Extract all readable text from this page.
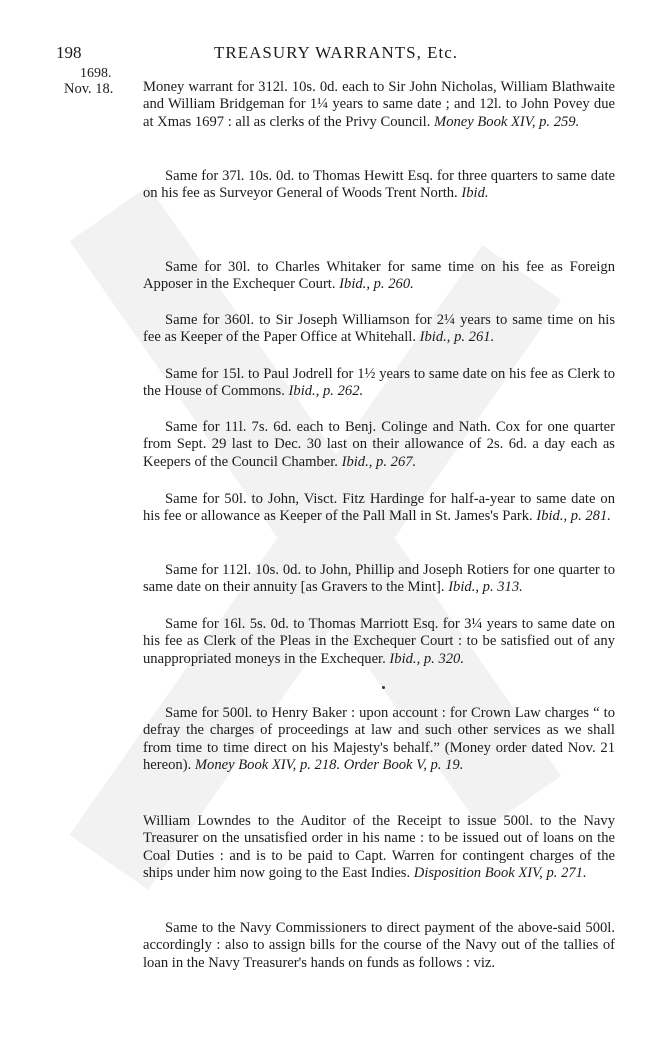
198	TREASURY WARRANTS, Etc.
1698.
Nov. 18. Money warrant for 312l. 10s. 0d. each to Sir John Nicholas, William Blathwaite and William Bridgeman for 1¼ years to same date ; and 12l. to John Povey due at Xmas 1697 : all as clerks of the Privy Council. Money Book XIV, p. 259.

Same for 37l. 10s. 0d. to Thomas Hewitt Esq. for three quarters to same date on his fee as Surveyor General of Woods Trent North. Ibid.

Same for 30l. to Charles Whitaker for same time on his fee as Foreign Apposer in the Exchequer Court. Ibid., p. 260.

Same for 360l. to Sir Joseph Williamson for 2¼ years to same time on his fee as Keeper of the Paper Office at Whitehall. Ibid., p. 261.

Same for 15l. to Paul Jodrell for 1½ years to same date on his fee as Clerk to the House of Commons. Ibid., p. 262.

Same for 11l. 7s. 6d. each to Benj. Colinge and Nath. Cox for one quarter from Sept. 29 last to Dec. 30 last on their allowance of 2s. 6d. a day each as Keepers of the Council Chamber. Ibid., p. 267.

Same for 50l. to John, Visct. Fitz Hardinge for half-a-year to same date on his fee or allowance as Keeper of the Pall Mall in St. James's Park. Ibid., p. 281.

Same for 112l. 10s. 0d. to John, Phillip and Joseph Rotiers for one quarter to same date on their annuity [as Gravers to the Mint]. Ibid., p. 313.

Same for 16l. 5s. 0d. to Thomas Marriott Esq. for 3¼ years to same date on his fee as Clerk of the Pleas in the Exchequer Court : to be satisfied out of any unappropriated moneys in the Exchequer. Ibid., p. 320.

Same for 500l. to Henry Baker : upon account : for Crown Law charges “ to defray the charges of proceedings at law and such other services as we shall from time to time direct on his Majesty's behalf.” (Money order dated Nov. 21 hereon). Money Book XIV, p. 218. Order Book V, p. 19.

William Lowndes to the Auditor of the Receipt to issue 500l. to the Navy Treasurer on the unsatisfied order in his name : to be issued out of loans on the Coal Duties : and is to be paid to Capt. Warren for contingent charges of the ships under him now going to the East Indies. Disposition Book XIV, p. 271.

Same to the Navy Commissioners to direct payment of the above-said 500l. accordingly : also to assign bills for the course of the Navy out of the tallies of loan in the Navy Treasurer's hands on funds as follows : viz.
